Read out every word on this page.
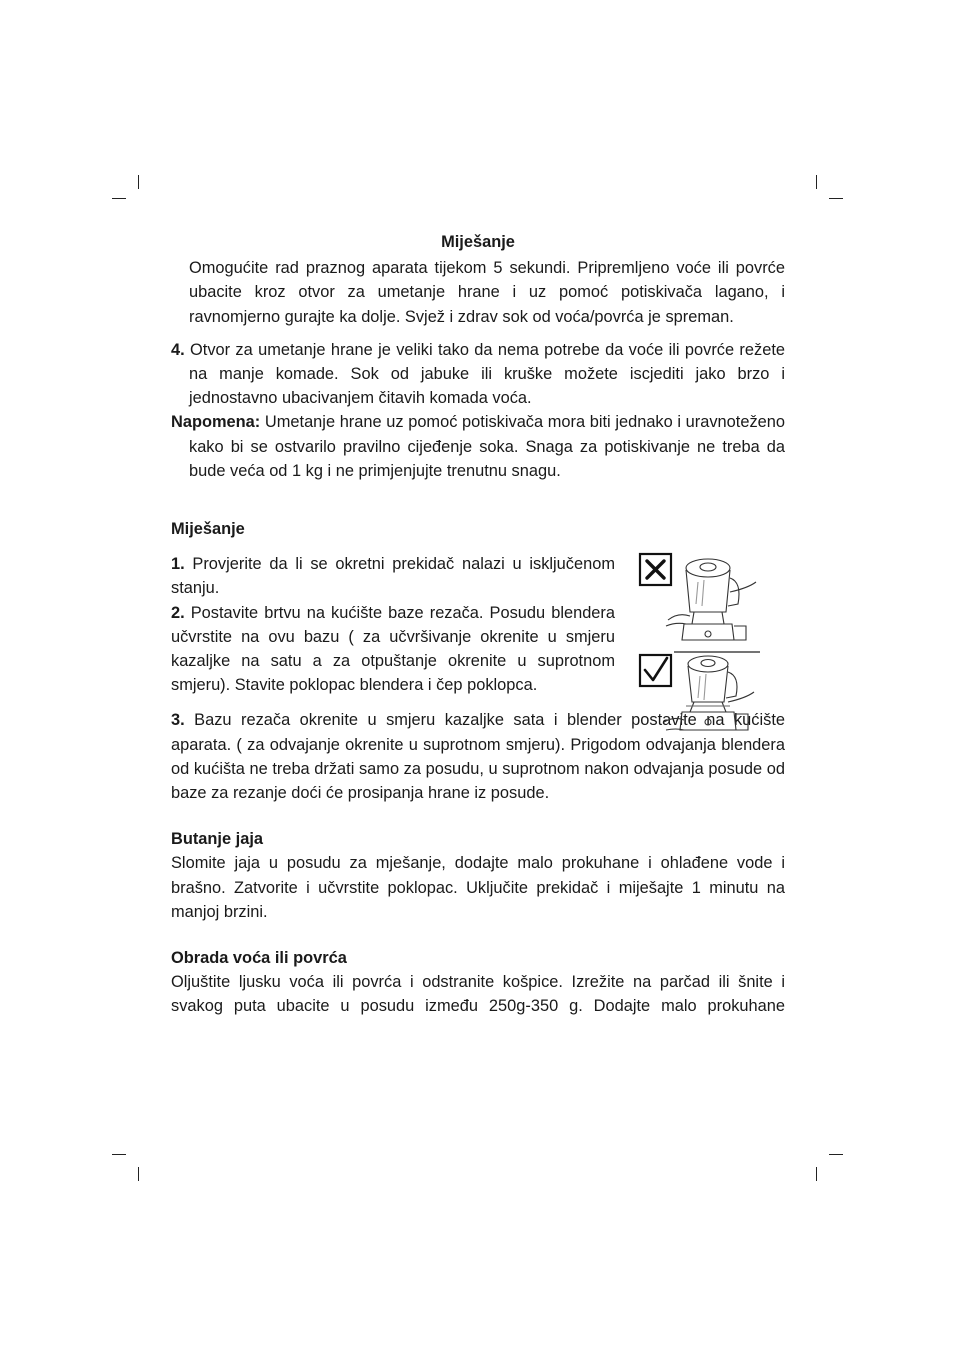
Miješanje

Omogućite rad praznog aparata tijekom 5 sekundi. Pripremljeno voće ili povrće ubacite kroz otvor za umetanje hrane i uz pomoć potiskivača lagano, i ravnomjerno gurajte ka dolje. Svjež i zdrav sok od voća/povrća je spreman.

4. Otvor za umetanje hrane je veliki tako da nema potrebe da voće ili povrće režete na manje komade. Sok od jabuke ili kruške možete iscjediti jako brzo i jednostavno ubacivanjem čitavih komada voća.

Napomena: Umetanje hrane uz pomoć potiskivača mora biti jednako i uravnoteženo kako bi se ostvarilo pravilno cijeđenje soka. Snaga za potiskivanje ne treba da bude veća od 1 kg i ne primjenjujte trenutnu snagu.

Miješanje

1. Provjerite da li se okretni prekidač nalazi u isključenom stanju.

2. Postavite brtvu na kućište baze rezača. Posudu blendera učvrstite na ovu bazu ( za učvršivanje okrenite u smjeru kazaljke na satu a za otpuštanje okrenite u suprotnom smjeru). Stavite poklopac blendera i čep poklopca.

3. Bazu rezača okrenite u smjeru kazaljke sata i blender postavite na kućište aparata. ( za odvajanje okrenite u suprotnom smjeru). Prigodom odvajanja blendera od kućišta ne treba držati samo za posudu, u suprotnom nakon odvajanja posude od baze za rezanje doći će prosipanja hrane iz posude.

Butanje jaja

Slomite jaja u posudu za mješanje, dodajte malo prokuhane i ohlađene vode i brašno. Zatvorite i učvrstite poklopac. Uključite prekidač i miješajte 1 minutu na manjoj brzini.

Obrada voća ili povrća

Oljuštite ljusku voća ili povrća i odstranite košpice. Izrežite na parčad ili šnite i svakog puta ubacite u posudu između 250g-350 g. Dodajte malo prokuhane
